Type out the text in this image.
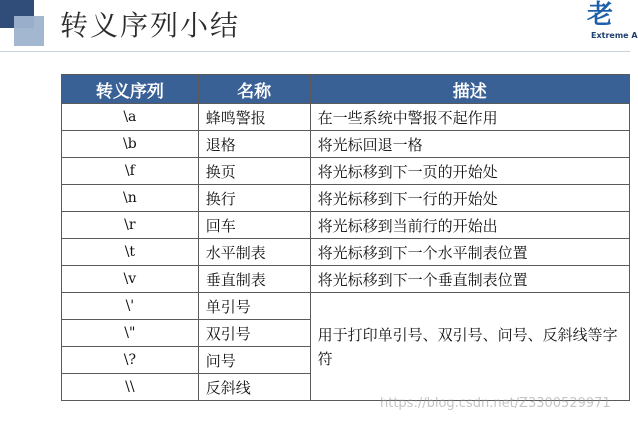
转义序列小结	老
Extreme A
转义序列	名称	描述
\a	蜂鸣警报	在一些系统中警报不起作用
\b	退格	将光标回退一格
\f	换页	将光标移到下一页的开始处
\n	换行	将光标移到下一行的开始处
\r	回车	将光标移到当前行的开始出
\t	水平制表	将光标移到下一个水平制表位置
\v	垂直制表	将光标移到下一个垂直制表位置
\'	单引号	用于打印单引号、双引号、问号、反斜线等字符
\"	双引号	
\?	问号	
\\	反斜线	
https://blog.csdn.net/Z3300529971
